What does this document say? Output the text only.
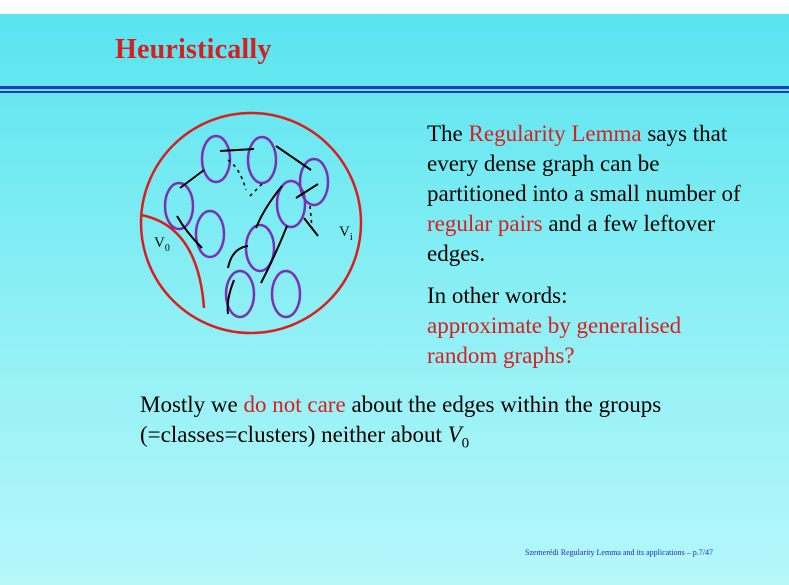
Heuristically
$V_0$
$V_i$
The Regularity Lemma says that every dense graph can be partitioned into a small number of regular pairs and a few leftover edges.
In other words:
approximate by generalised random graphs?
Mostly we do not care about the edges within the groups (=classes=clusters) neither about $V_0$
Szemerédi Regularity Lemma and its applications – p.7/47
